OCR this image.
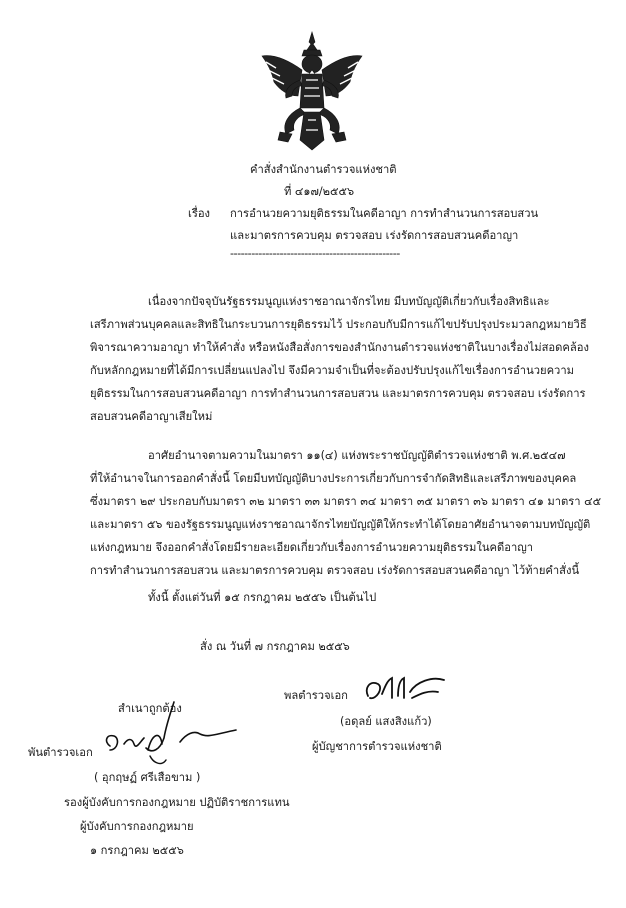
คำสั่งสำนักงานตำรวจแห่งชาติ
ที่ ๔๑๗/๒๕๕๖
เรื่อง การอำนวยความยุติธรรมในคดีอาญา การทำสำนวนการสอบสวน
และมาตรการควบคุม ตรวจสอบ เร่งรัดการสอบสวนคดีอาญา
------------------------------------------------
เนื่องจากปัจจุบันรัฐธรรมนูญแห่งราชอาณาจักรไทย มีบทบัญญัติเกี่ยวกับเรื่องสิทธิและ
เสรีภาพส่วนบุคคลและสิทธิในกระบวนการยุติธรรมไว้ ประกอบกับมีการแก้ไขปรับปรุงประมวลกฎหมายวิธี
พิจารณาความอาญา ทำให้คำสั่ง หรือหนังสือสั่งการของสำนักงานตำรวจแห่งชาติในบางเรื่องไม่สอดคล้อง
กับหลักกฎหมายที่ได้มีการเปลี่ยนแปลงไป จึงมีความจำเป็นที่จะต้องปรับปรุงแก้ไขเรื่องการอำนวยความ
ยุติธรรมในการสอบสวนคดีอาญา การทำสำนวนการสอบสวน และมาตรการควบคุม ตรวจสอบ เร่งรัดการ
สอบสวนคดีอาญาเสียใหม่
อาศัยอำนาจตามความในมาตรา ๑๑(๔) แห่งพระราชบัญญัติตำรวจแห่งชาติ พ.ศ.๒๕๔๗
ที่ให้อำนาจในการออกคำสั่งนี้ โดยมีบทบัญญัติบางประการเกี่ยวกับการจำกัดสิทธิและเสรีภาพของบุคคล
ซึ่งมาตรา ๒๙ ประกอบกับมาตรา ๓๒ มาตรา ๓๓ มาตรา ๓๔ มาตรา ๓๕ มาตรา ๓๖ มาตรา ๔๑ มาตรา ๔๕
และมาตรา ๕๖ ของรัฐธรรมนูญแห่งราชอาณาจักรไทยบัญญัติให้กระทำได้โดยอาศัยอำนาจตามบทบัญญัติ
แห่งกฎหมาย จึงออกคำสั่งโดยมีรายละเอียดเกี่ยวกับเรื่องการอำนวยความยุติธรรมในคดีอาญา
การทำสำนวนการสอบสวน และมาตรการควบคุม ตรวจสอบ เร่งรัดการสอบสวนคดีอาญา ไว้ท้ายคำสั่งนี้
ทั้งนี้ ตั้งแต่วันที่ ๑๕ กรกฎาคม ๒๕๕๖ เป็นต้นไป
สั่ง ณ วันที่ ๗ กรกฎาคม ๒๕๕๖
พลตำรวจเอก
(อดุลย์ แสงสิงแก้ว)
ผู้บัญชาการตำรวจแห่งชาติ
สำเนาถูกต้อง
พันตำรวจเอก
( อุกฤษฏ์ ศรีเสือขาม )
รองผู้บังคับการกองกฎหมาย ปฏิบัติราชการแทน
ผู้บังคับการกองกฎหมาย
๑ กรกฎาคม ๒๕๕๖
